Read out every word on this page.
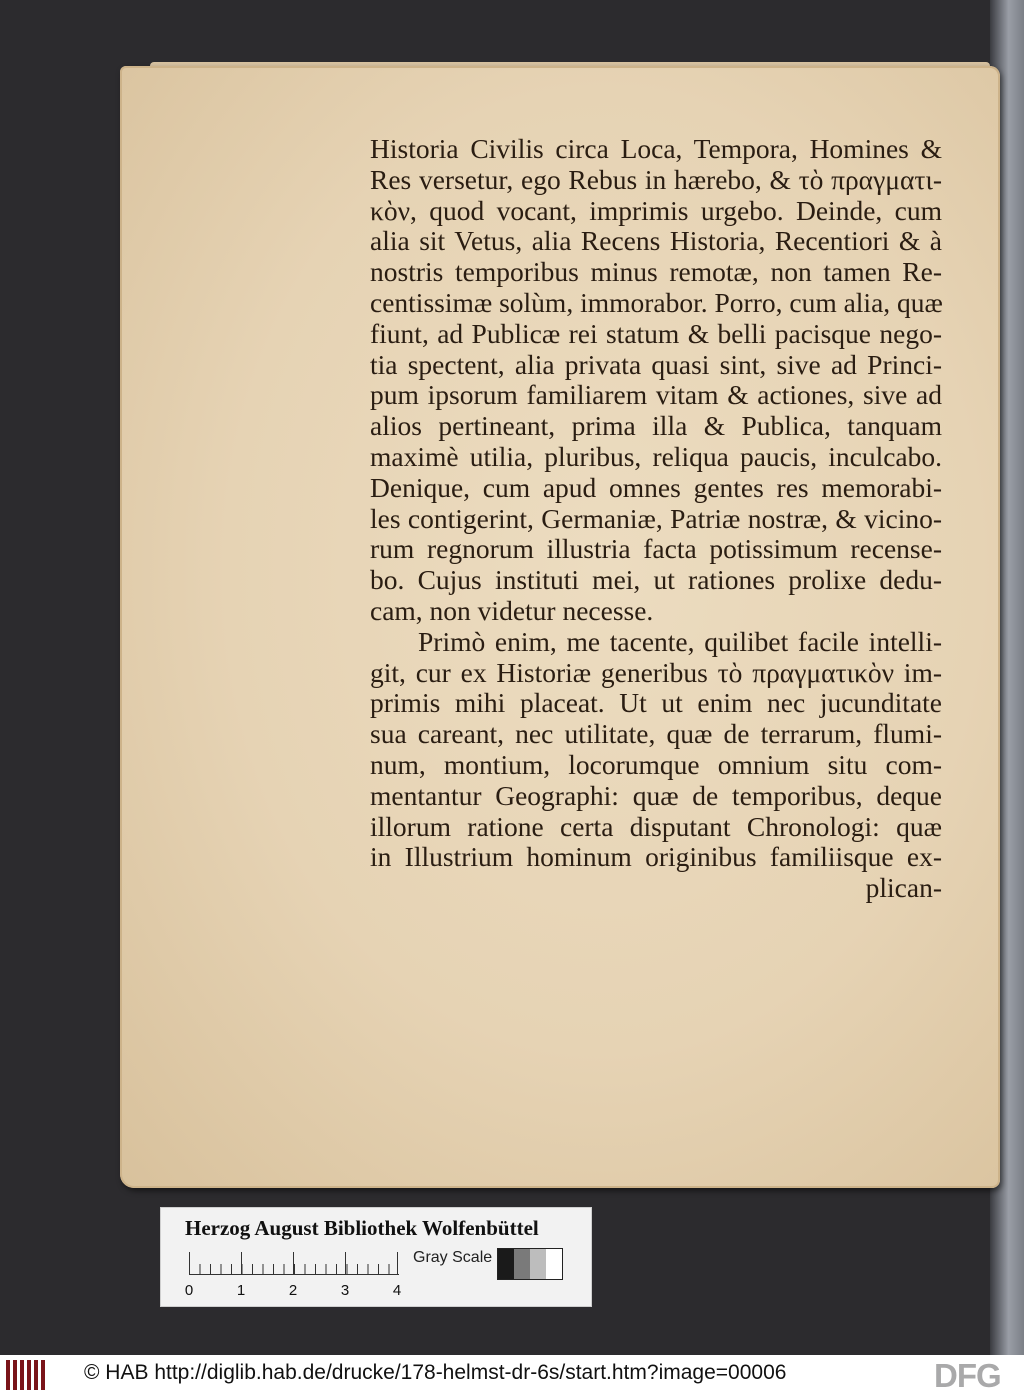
Historia Civilis circa Loca, Tempora, Homines &
Res versetur, ego Rebus in hærebo, & τὸ πραγματι-
κὸν, quod vocant, imprimis urgebo. Deinde, cum
alia sit Vetus, alia Recens Historia, Recentiori & à
nostris temporibus minus remotæ, non tamen Re-
centissimæ solùm, immorabor. Porro, cum alia, quæ
fiunt, ad Publicæ rei statum & belli pacisque nego-
tia spectent, alia privata quasi sint, sive ad Princi-
pum ipsorum familiarem vitam & actiones, sive ad
alios pertineant, prima illa & Publica, tanquam
maximè utilia, pluribus, reliqua paucis, inculcabo.
Denique, cum apud omnes gentes res memorabi-
les contigerint, Germaniæ, Patriæ nostræ, & vicino-
rum regnorum illustria facta potissimum recense-
bo. Cujus instituti mei, ut rationes prolixe dedu-
cam, non videtur necesse.
Primò enim, me tacente, quilibet facile intelli-
git, cur ex Historiæ generibus τὸ πραγματικὸν im-
primis mihi placeat. Ut ut enim nec jucunditate
sua careant, nec utilitate, quæ de terrarum, flumi-
num, montium, locorumque omnium situ com-
mentantur Geographi: quæ de temporibus, deque
illorum ratione certa disputant Chronologi: quæ
in Illustrium hominum originibus familiisque ex-
plican-
Herzog August Bibliothek Wolfenbüttel
0	1	2	3	4
Gray Scale
© HAB http://diglib.hab.de/drucke/178-helmst-dr-6s/start.htm?image=00006	DFG
